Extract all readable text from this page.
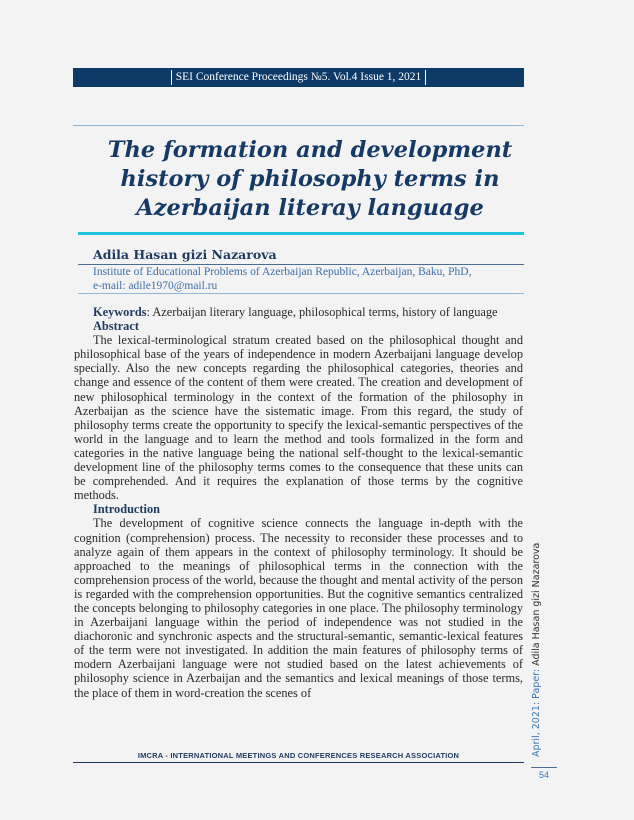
SEI Conference Proceedings №5. Vol.4 Issue 1, 2021
The formation and development
history of philosophy terms in
Azerbaijan literay language
Adila Hasan gizi Nazarova
Institute of Educational Problems of Azerbaijan Republic, Azerbaijan, Baku, PhD,
e-mail: adile1970@mail.ru

Keywords: Azerbaijan literary language, philosophical terms, history of language

Abstract

The lexical-terminological stratum created based on the philosophical thought and philosophical base of the years of independence in modern Azerbaijani language develop specially. Also the new concepts regarding the philosophical categories, theories and change and essence of the content of them were created. The creation and development of new philosophical terminology in the context of the formation of the philosophy in Azerbaijan as the science have the sistematic image. From this regard, the study of philosophy terms create the opportunity to specify the lexical-semantic perspectives of the world in the language and to learn the method and tools formalized in the form and categories in the native language being the national self-thought to the lexical-semantic development line of the philosophy terms comes to the consequence that these units can be comprehended. And it requires the explanation of those terms by the cognitive methods.

Introduction

The development of cognitive science connects the language in-depth with the cognition (comprehension) process. The necessity to reconsider these processes and to analyze again of them appears in the context of philosophy terminology. It should be approached to the meanings of philosophical terms in the connection with the comprehension process of the world, because the thought and mental activity of the person is regarded with the comprehension opportunities. But the cognitive semantics centralized the concepts belonging to philosophy categories in one place. The philosophy terminology in Azerbaijani language within the period of independence was not studied in the diachoronic and synchronic aspects and the structural-semantic, semantic-lexical features of the term were not investigated. In addition the main features of philosophy terms of modern Azerbaijani language were not studied based on the latest achievements of philosophy science in Azerbaijan and the semantics and lexical meanings of those terms, the place of them in word-creation the scenes of	April, 2021: Paper: Adila Hasan gizi Nazarova
IMCRA - INTERNATIONAL MEETINGS AND CONFERENCES RESEARCH ASSOCIATION
54
